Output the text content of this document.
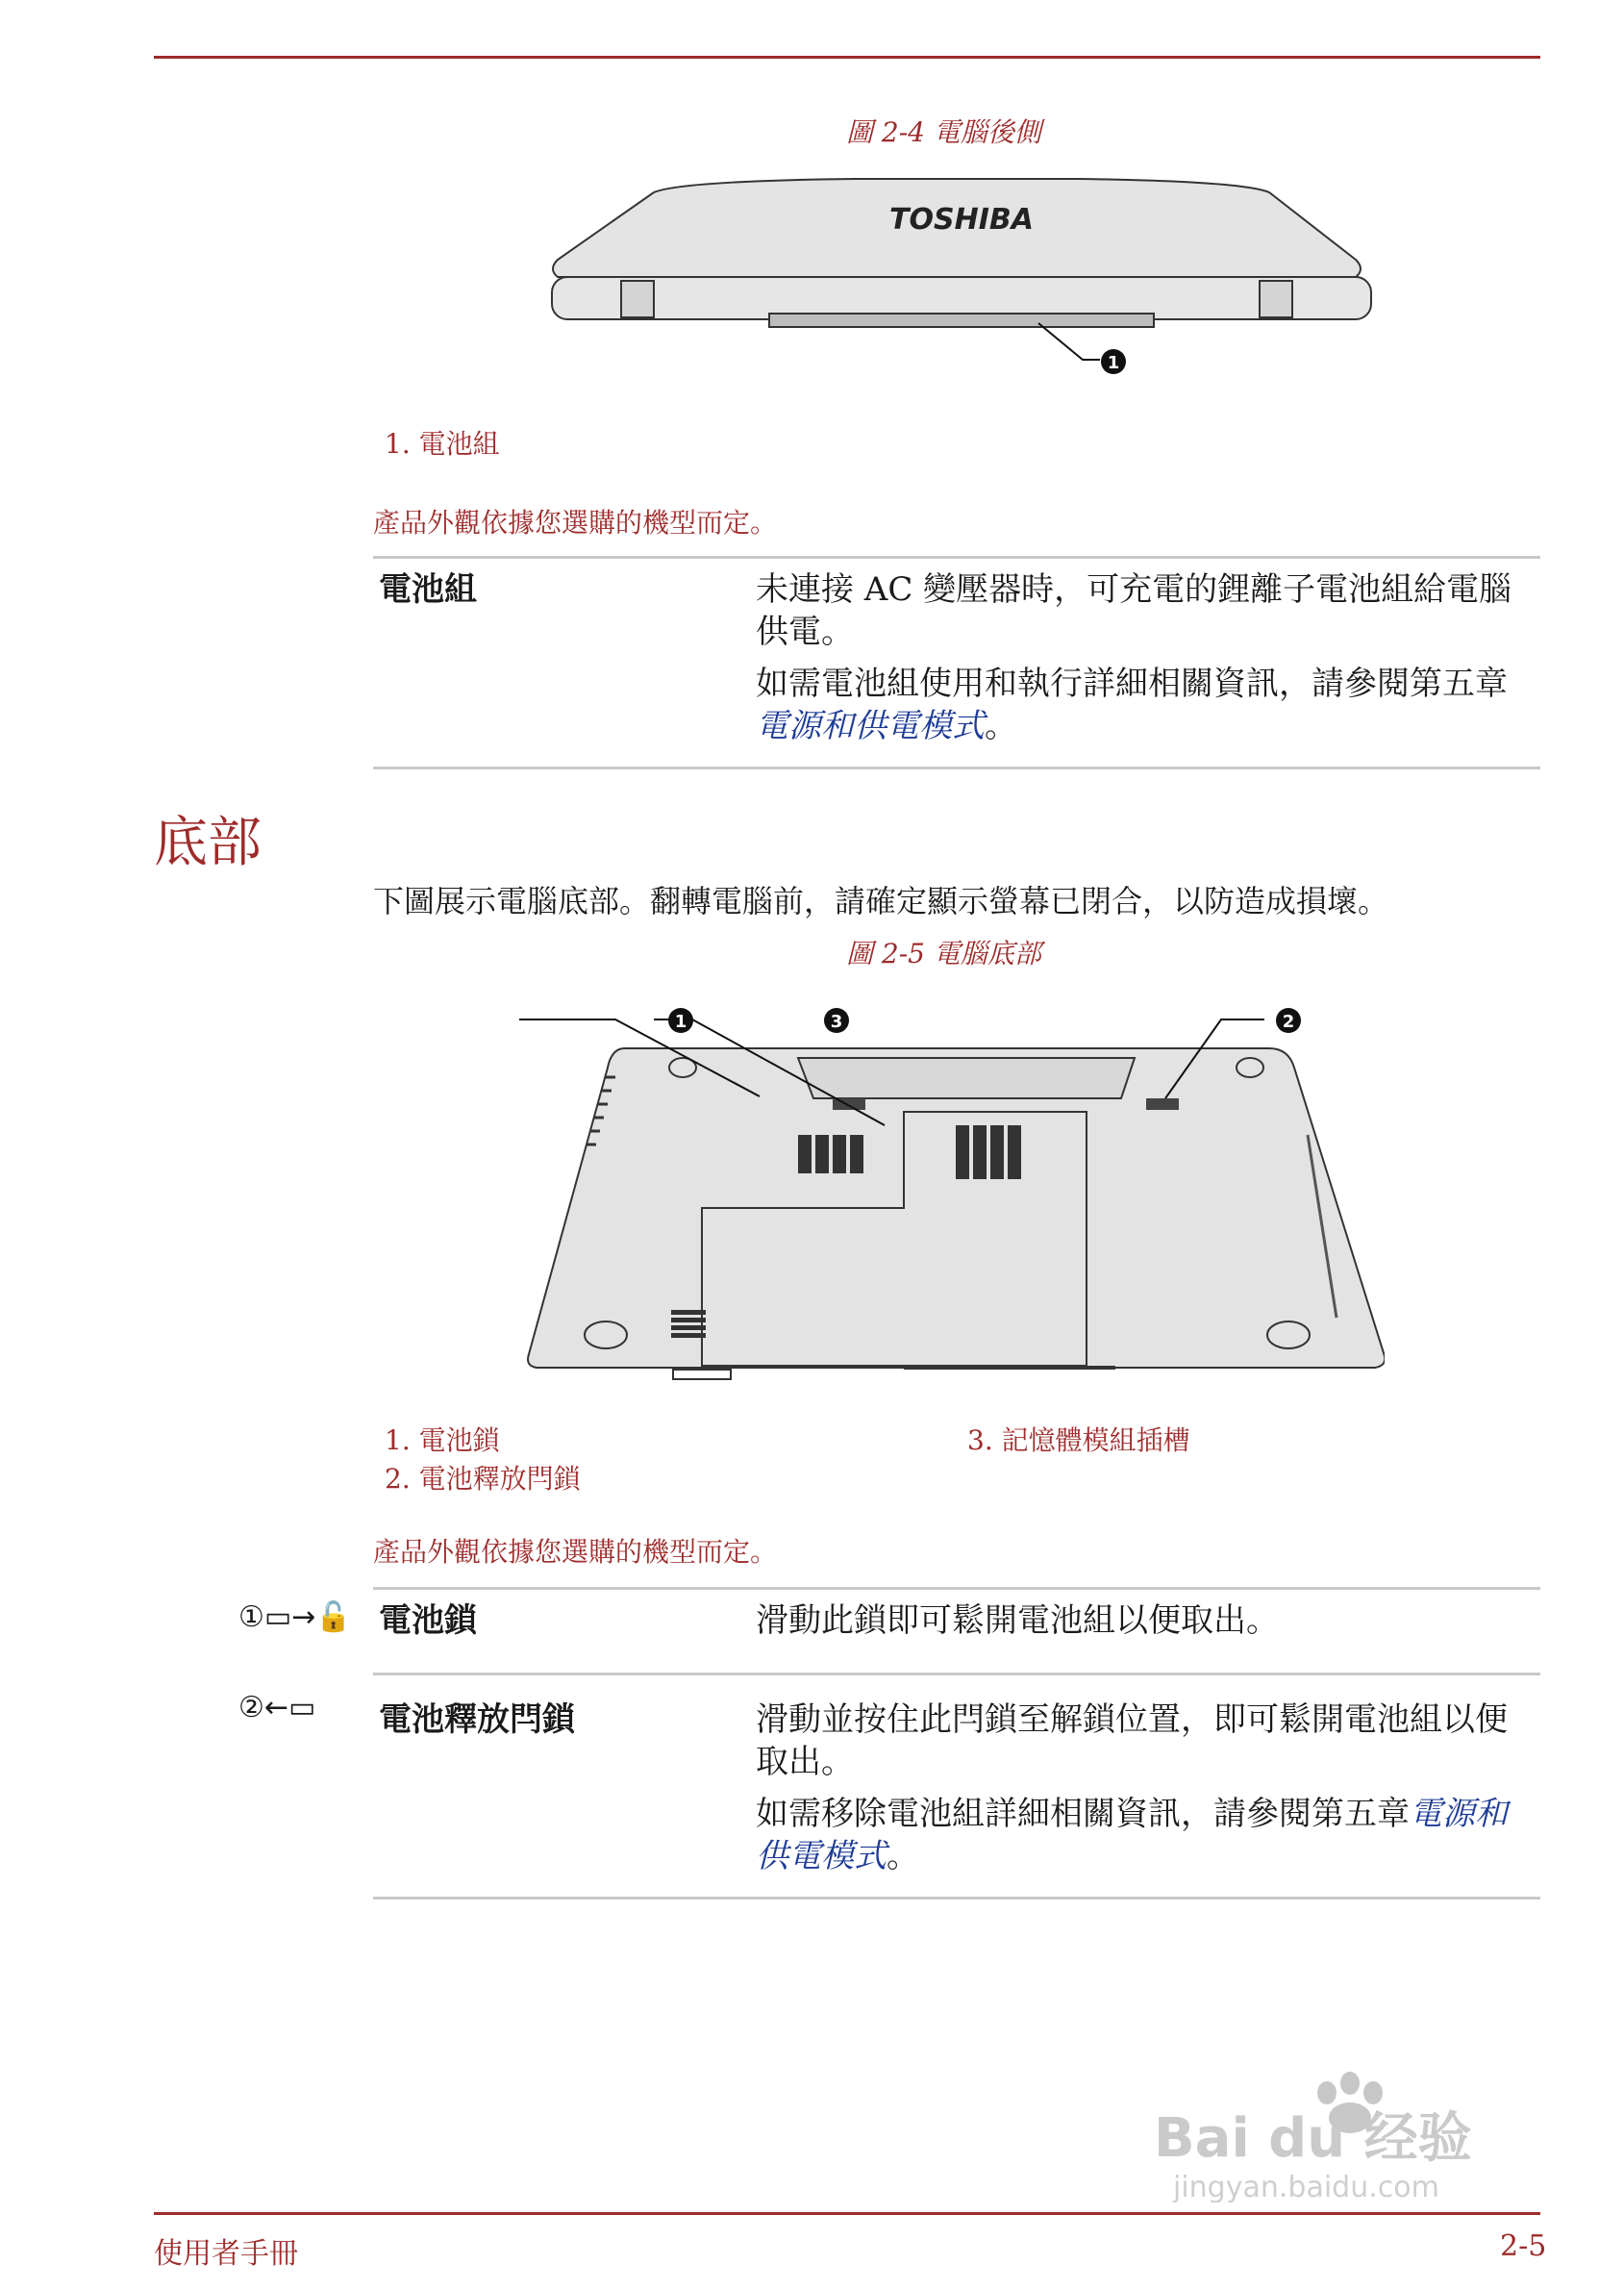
圖 2-4 電腦後側
TOSHIBA
1
1. 電池組
產品外觀依據您選購的機型而定。
電池組	未連接 AC 變壓器時，可充電的鋰離子電池組給電腦供電。

如需電池組使用和執行詳細相關資訊，請參閱第五章電源和供電模式。

底部
下圖展示電腦底部。翻轉電腦前，請確定顯示螢幕已閉合，以防造成損壞。
圖 2-5 電腦底部
1	3	2
1. 電池鎖
2. 電池釋放閂鎖
3. 記憶體模組插槽
產品外觀依據您選購的機型而定。
①▭→🔓
②←▭
電池鎖	滑動此鎖即可鬆開電池組以便取出。

電池釋放閂鎖	滑動並按住此閂鎖至解鎖位置，即可鬆開電池組以便取出。

如需移除電池組詳細相關資訊，請參閱第五章電源和供電模式。

Bai du 经验
jingyan.baidu.com
使用者手冊	2-5
